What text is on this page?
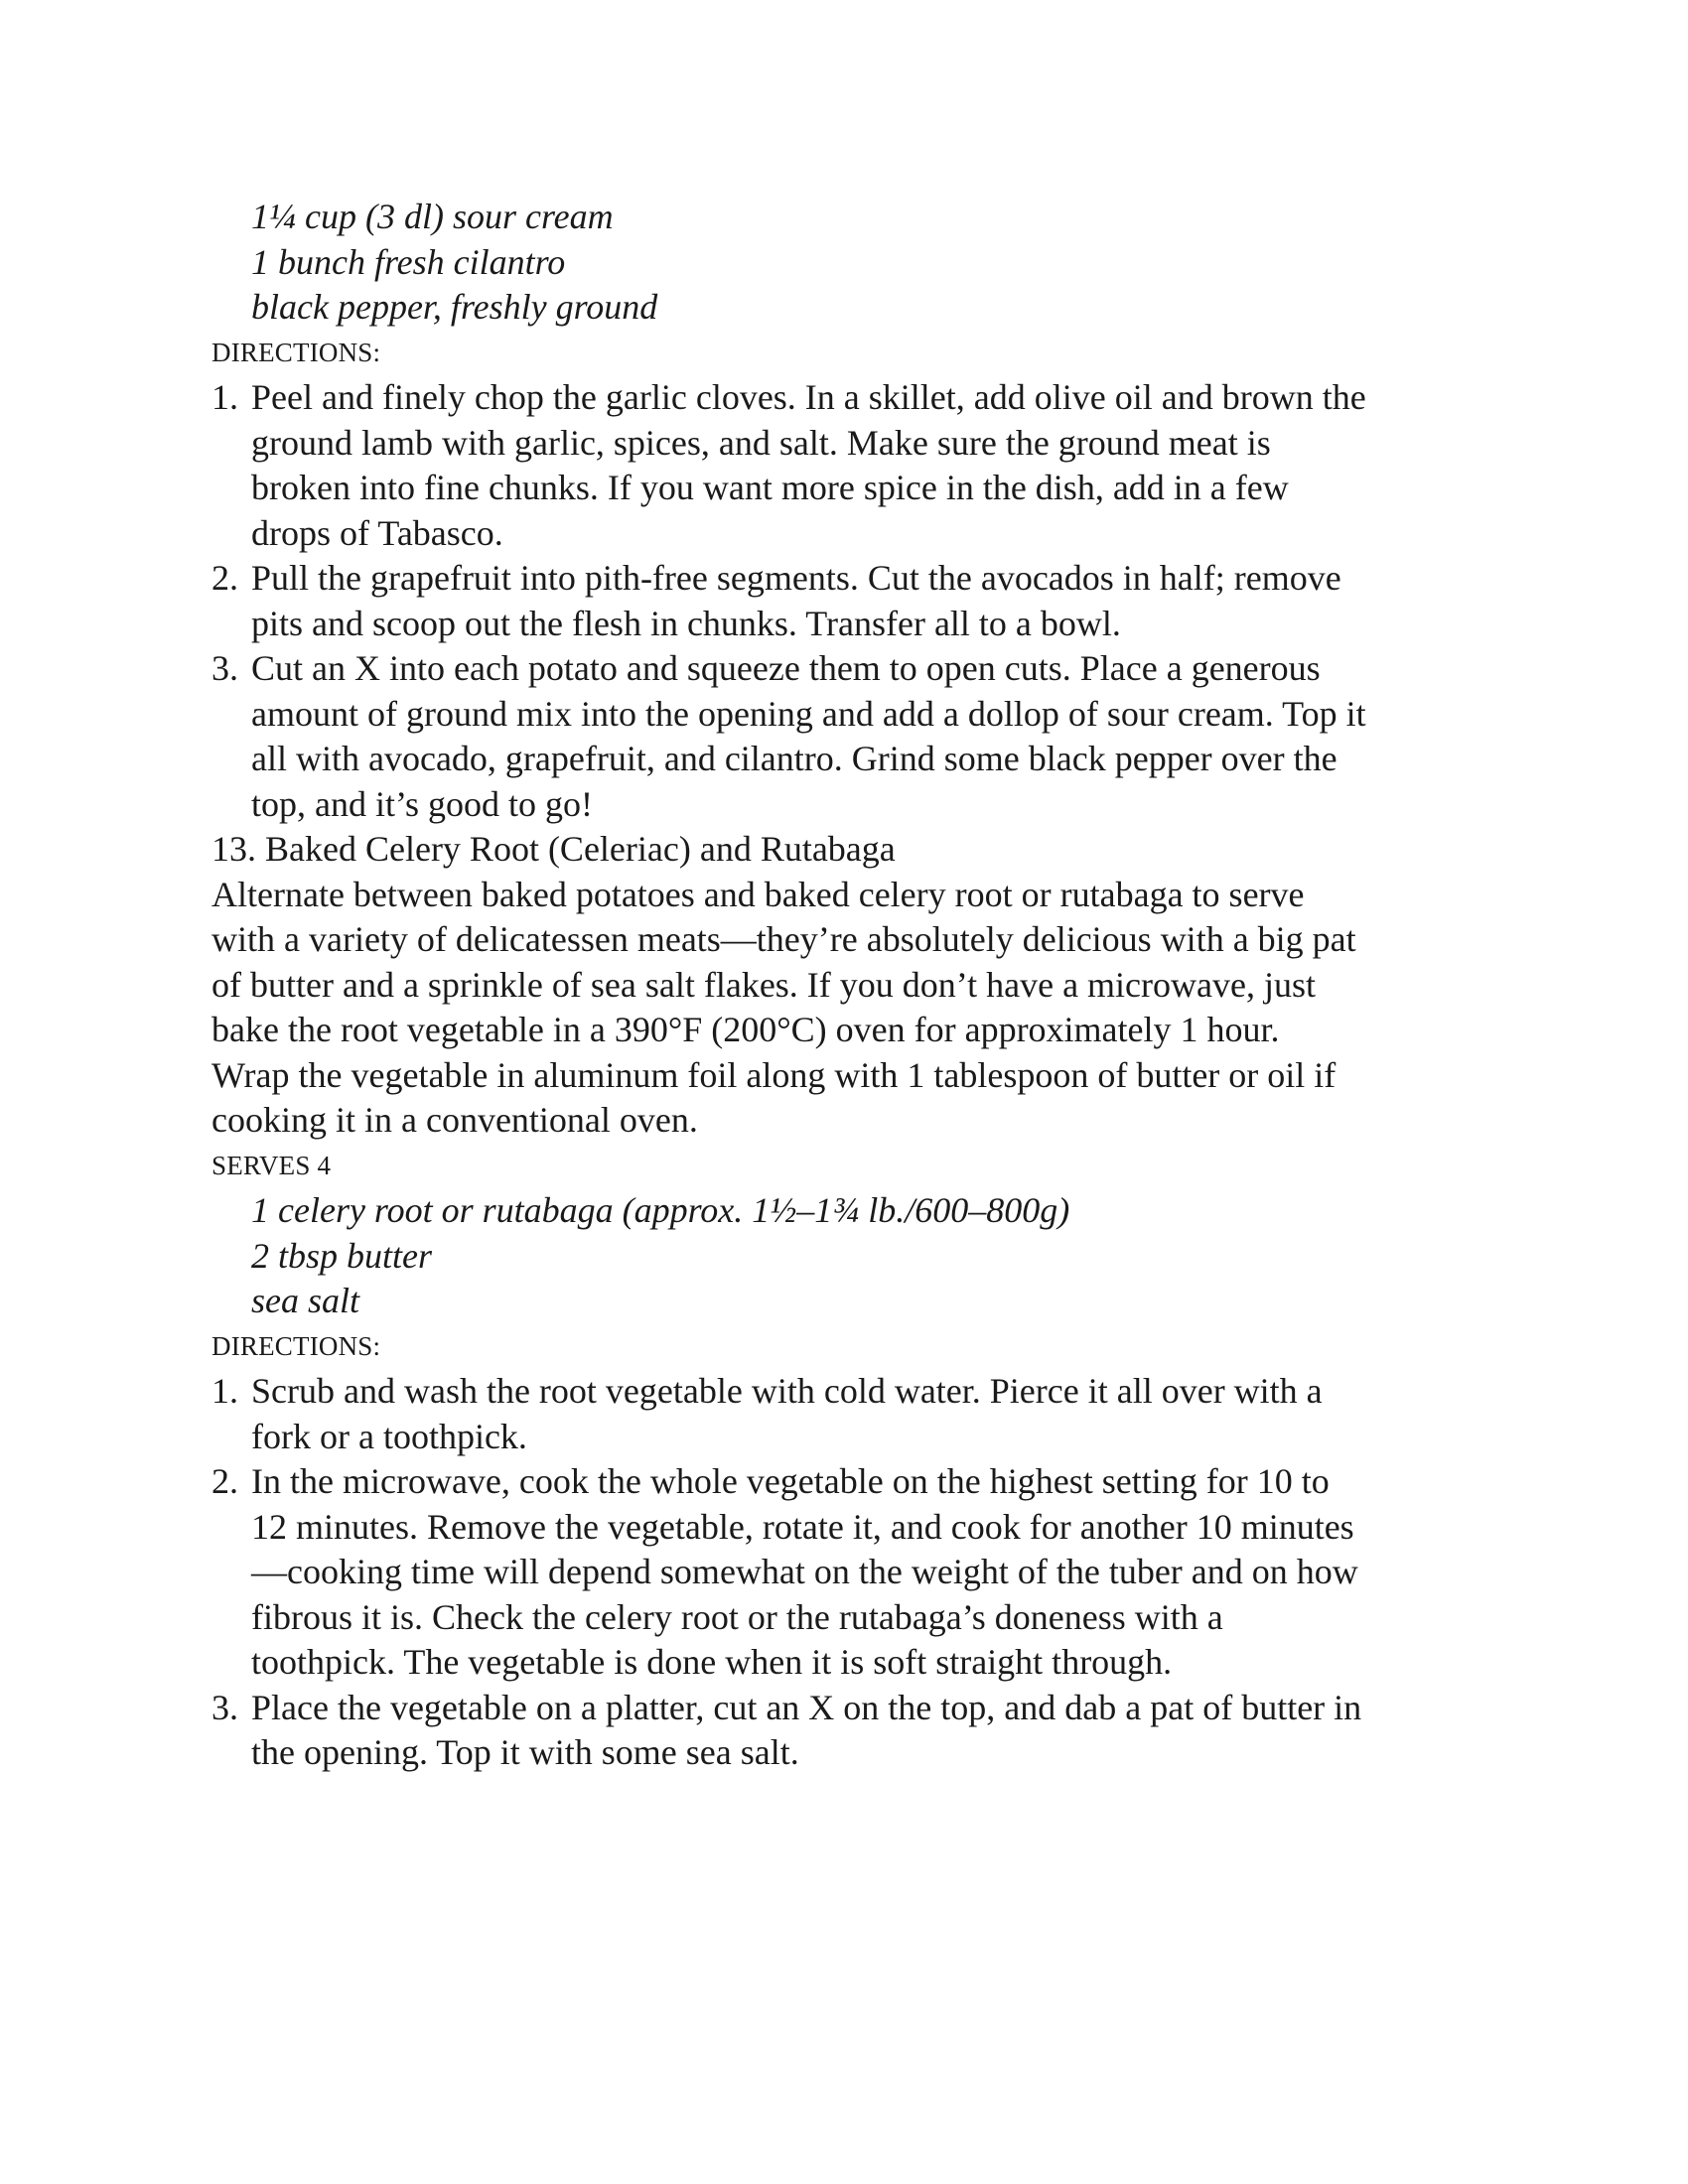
1¼ cup (3 dl) sour cream
1 bunch fresh cilantro
black pepper, freshly ground
DIRECTIONS:
1. Peel and finely chop the garlic cloves. In a skillet, add olive oil and brown the
ground lamb with garlic, spices, and salt. Make sure the ground meat is
broken into fine chunks. If you want more spice in the dish, add in a few
drops of Tabasco.
2. Pull the grapefruit into pith-free segments. Cut the avocados in half; remove
pits and scoop out the flesh in chunks. Transfer all to a bowl.
3. Cut an X into each potato and squeeze them to open cuts. Place a generous
amount of ground mix into the opening and add a dollop of sour cream. Top it
all with avocado, grapefruit, and cilantro. Grind some black pepper over the
top, and it’s good to go!
13. Baked Celery Root (Celeriac) and Rutabaga
Alternate between baked potatoes and baked celery root or rutabaga to serve
with a variety of delicatessen meats—they’re absolutely delicious with a big pat
of butter and a sprinkle of sea salt flakes. If you don’t have a microwave, just
bake the root vegetable in a 390°F (200°C) oven for approximately 1 hour.
Wrap the vegetable in aluminum foil along with 1 tablespoon of butter or oil if
cooking it in a conventional oven.
SERVES 4
1 celery root or rutabaga (approx. 1½–1¾ lb./600–800g)
2 tbsp butter
sea salt
DIRECTIONS:
1. Scrub and wash the root vegetable with cold water. Pierce it all over with a
fork or a toothpick.
2. In the microwave, cook the whole vegetable on the highest setting for 10 to
12 minutes. Remove the vegetable, rotate it, and cook for another 10 minutes
—cooking time will depend somewhat on the weight of the tuber and on how
fibrous it is. Check the celery root or the rutabaga’s doneness with a
toothpick. The vegetable is done when it is soft straight through.
3. Place the vegetable on a platter, cut an X on the top, and dab a pat of butter in
the opening. Top it with some sea salt.
